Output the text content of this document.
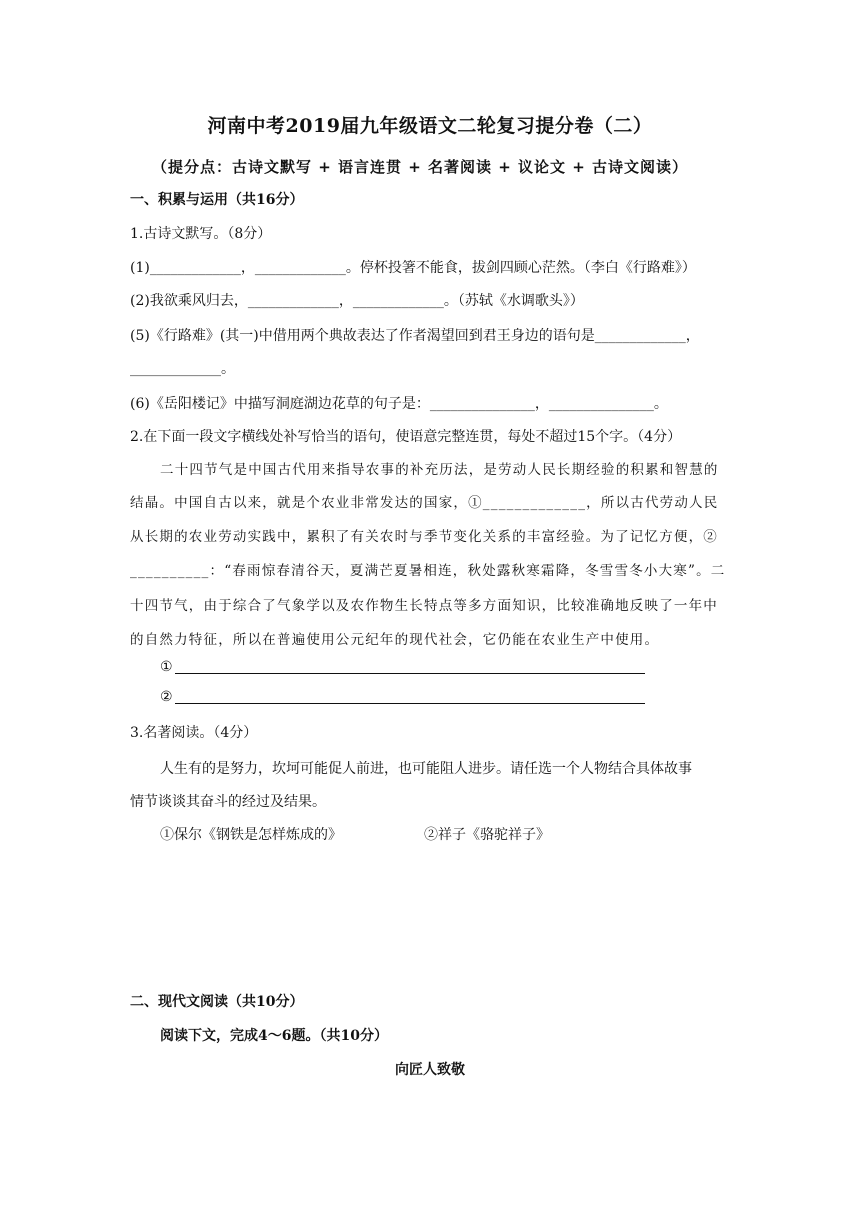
河南中考2019届九年级语文二轮复习提分卷（二）
（提分点：古诗文默写 + 语言连贯 + 名著阅读 + 议论文 + 古诗文阅读）
一、积累与运用（共16分）
1.古诗文默写。（8分）
(1)_____________，_____________。停杯投箸不能食，拔剑四顾心茫然。（李白《行路难》）
(2)我欲乘风归去，_____________，_____________。（苏轼《水调歌头》）
(5)《行路难》(其一)中借用两个典故表达了作者渴望回到君王身边的语句是_____________，
_____________。
(6)《岳阳楼记》中描写洞庭湖边花草的句子是：_______________，_______________。
2.在下面一段文字横线处补写恰当的语句，使语意完整连贯，每处不超过15个字。（4分）
二十四节气是中国古代用来指导农事的补充历法，是劳动人民长期经验的积累和智慧的
结晶。中国自古以来，就是个农业非常发达的国家，①_____________，所以古代劳动人民
从长期的农业劳动实践中，累积了有关农时与季节变化关系的丰富经验。为了记忆方便，②
__________：“春雨惊春清谷天，夏满芒夏暑相连，秋处露秋寒霜降，冬雪雪冬小大寒”。二
十四节气，由于综合了气象学以及农作物生长特点等多方面知识，比较准确地反映了一年中
的自然力特征，所以在普遍使用公元纪年的现代社会，它仍能在农业生产中使用。
①
②
3.名著阅读。（4分）
人生有的是努力，坎坷可能促人前进，也可能阻人进步。请任选一个人物结合具体故事
情节谈谈其奋斗的经过及结果。
①保尔《钢铁是怎样炼成的》	②祥子《骆驼祥子》
二、现代文阅读（共10分）
阅读下文，完成4～6题。（共10分）
向匠人致敬
